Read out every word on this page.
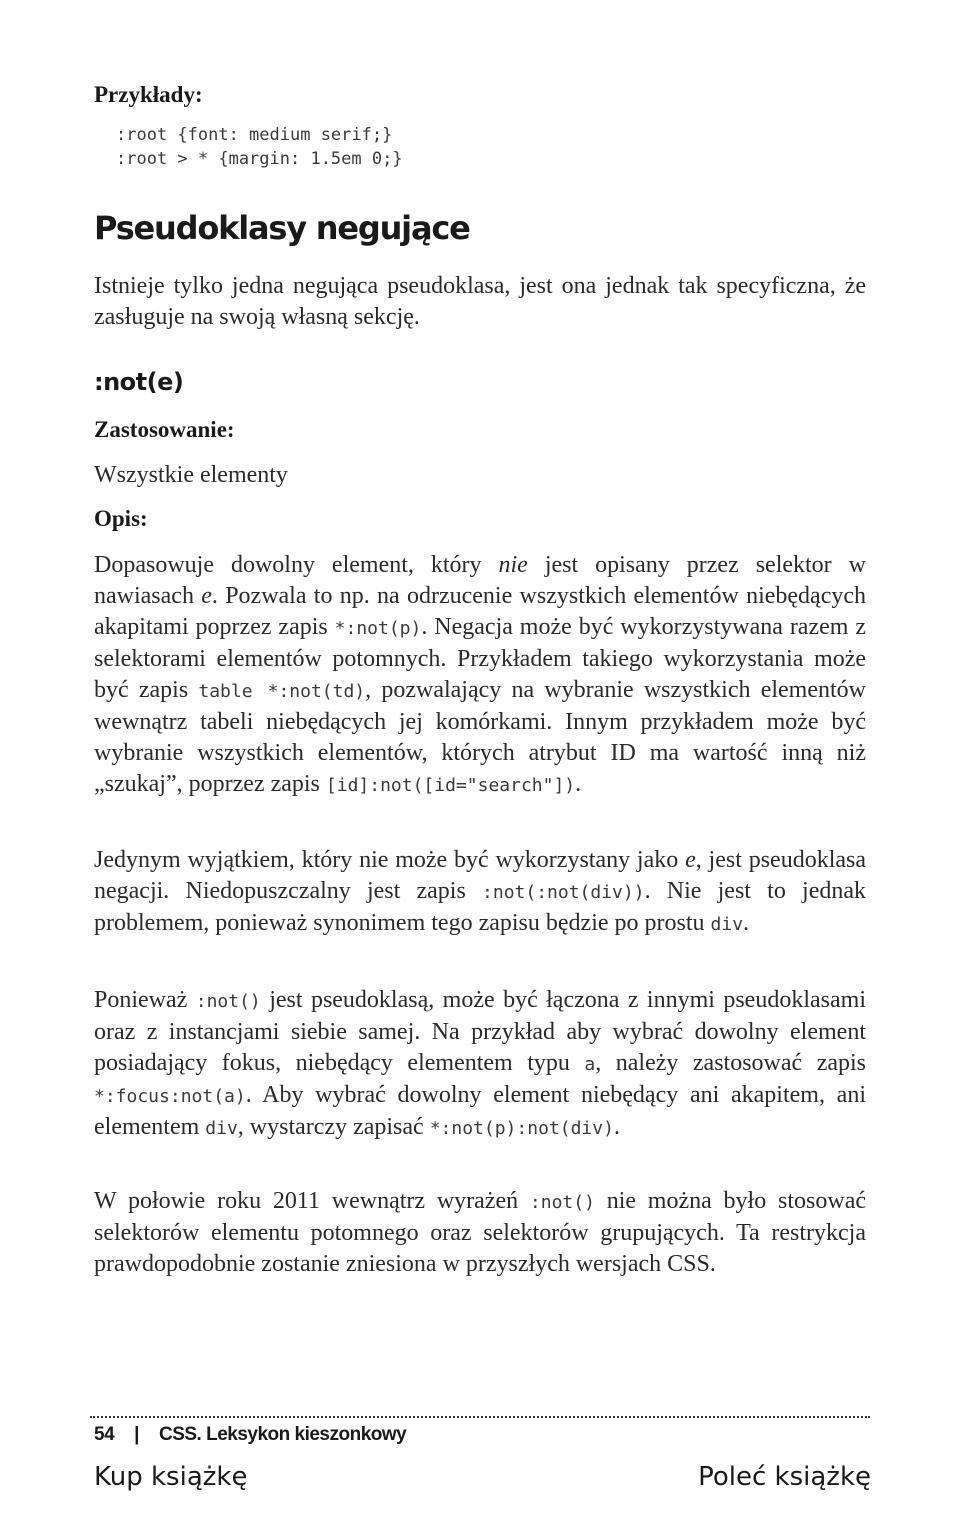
Przykłady:

:root {font: medium serif;}

:root > * {margin: 1.5em 0;}

Pseudoklasy negujące

Istnieje tylko jedna negująca pseudoklasa, jest ona jednak tak specyficzna, że zasługuje na swoją własną sekcję.

:not(e)

Zastosowanie:

Wszystkie elementy

Opis:

Dopasowuje dowolny element, który nie jest opisany przez selektor w nawiasach e. Pozwala to np. na odrzucenie wszystkich elementów niebędących akapitami poprzez zapis *:not(p). Negacja może być wykorzystywana razem z selektorami elementów potomnych. Przykładem takiego wykorzystania może być zapis table *:not(td), pozwalający na wybranie wszystkich elementów wewnątrz tabeli niebędących jej komórkami. Innym przykładem może być wybranie wszystkich elementów, których atrybut ID ma wartość inną niż „szukaj”, poprzez zapis [id]:not([id="search"]).

Jedynym wyjątkiem, który nie może być wykorzystany jako e, jest pseudoklasa negacji. Niedopuszczalny jest zapis :not(:not(div)). Nie jest to jednak problemem, ponieważ synonimem tego zapisu będzie po prostu div.

Ponieważ :not() jest pseudoklasą, może być łączona z innymi pseudoklasami oraz z instancjami siebie samej. Na przykład aby wybrać dowolny element posiadający fokus, niebędący elementem typu a, należy zastosować zapis *:focus:not(a). Aby wybrać dowolny element niebędący ani akapitem, ani elementem div, wystarczy zapisać *:not(p):not(div).

W połowie roku 2011 wewnątrz wyrażeń :not() nie można było stosować selektorów elementu potomnego oraz selektorów grupujących. Ta restrykcja prawdopodobnie zostanie zniesiona w przyszłych wersjach CSS.

54 | CSS. Leksykon kieszonkowy
Kup książkę	Poleć książkę
